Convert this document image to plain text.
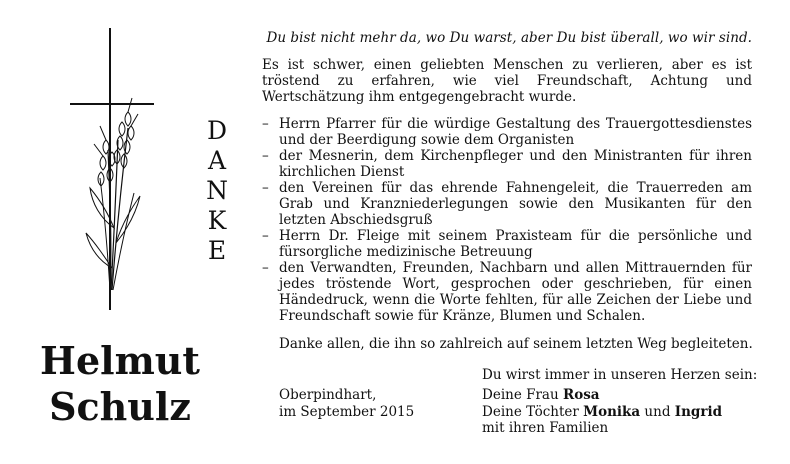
D
A
N
K
E
Helmut
Schulz
Du bist nicht mehr da, wo Du warst, aber Du bist überall, wo wir sind.
Es ist schwer, einen geliebten Menschen zu verlieren, aber es ist tröstend zu erfahren, wie viel Freundschaft, Achtung und Wertschätzung ihm entgegengebracht wurde.
– Herrn Pfarrer für die würdige Gestaltung des Trauergottesdienstes und der Beerdigung sowie dem Organisten
– der Mesnerin, dem Kirchenpfleger und den Ministranten für ihren kirchlichen Dienst
– den Vereinen für das ehrende Fahnengeleit, die Trauerreden am Grab und Kranzniederlegungen sowie den Musikanten für den letzten Abschiedsgruß
– Herrn Dr. Fleige mit seinem Praxisteam für die persönliche und fürsorgliche medizinische Betreuung
– den Verwandten, Freunden, Nachbarn und allen Mittrauernden für jedes tröstende Wort, gesprochen oder geschrieben, für einen Händedruck, wenn die Worte fehlten, für alle Zeichen der Liebe und Freundschaft sowie für Kränze, Blumen und Schalen.
Danke allen, die ihn so zahlreich auf seinem letzten Weg begleiteten.
Du wirst immer in unseren Herzen sein:
Oberpindhart,
im September 2015
Deine Frau Rosa
Deine Töchter Monika und Ingrid
mit ihren Familien
